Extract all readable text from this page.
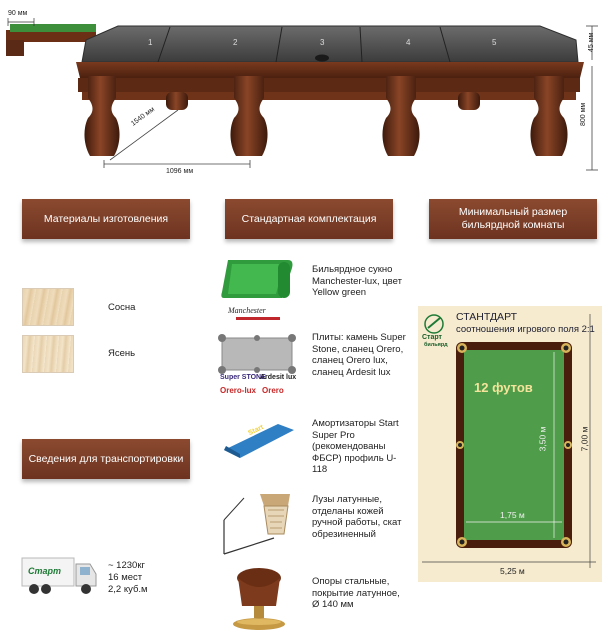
90 мм
1	2	3	4	5	45 мм
800 мм
1540 мм
1096 мм
Материалы изготовления	Стандартная комплектация
Минимальный размер бильярдной комнаты
Сведения для транспортировки
Сосна
Ясень
Manchester
Бильярдное сукно Manchester-lux, цвет Yellow green
Super STONE
Ardesit lux
Orero-lux Orero
Плиты: камень Super Stone, сланец Orero, сланец Orero lux, сланец Ardesit lux
Start
Амортизаторы Start Super Pro (рекомендованы ФБСР) профиль U-118
Лузы латунные, отделаны кожей ручной работы, скат обрезиненный
Опоры стальные, покрытие латунное, Ø 140 мм
Старт	~ 1230кг
16 мест
2,2 куб.м
Старт
бильярд
СТАНТДАРТ
соотношения игрового поля 2:1
12 футов
3,50 м
1,75 м
7,00 м
5,25 м
